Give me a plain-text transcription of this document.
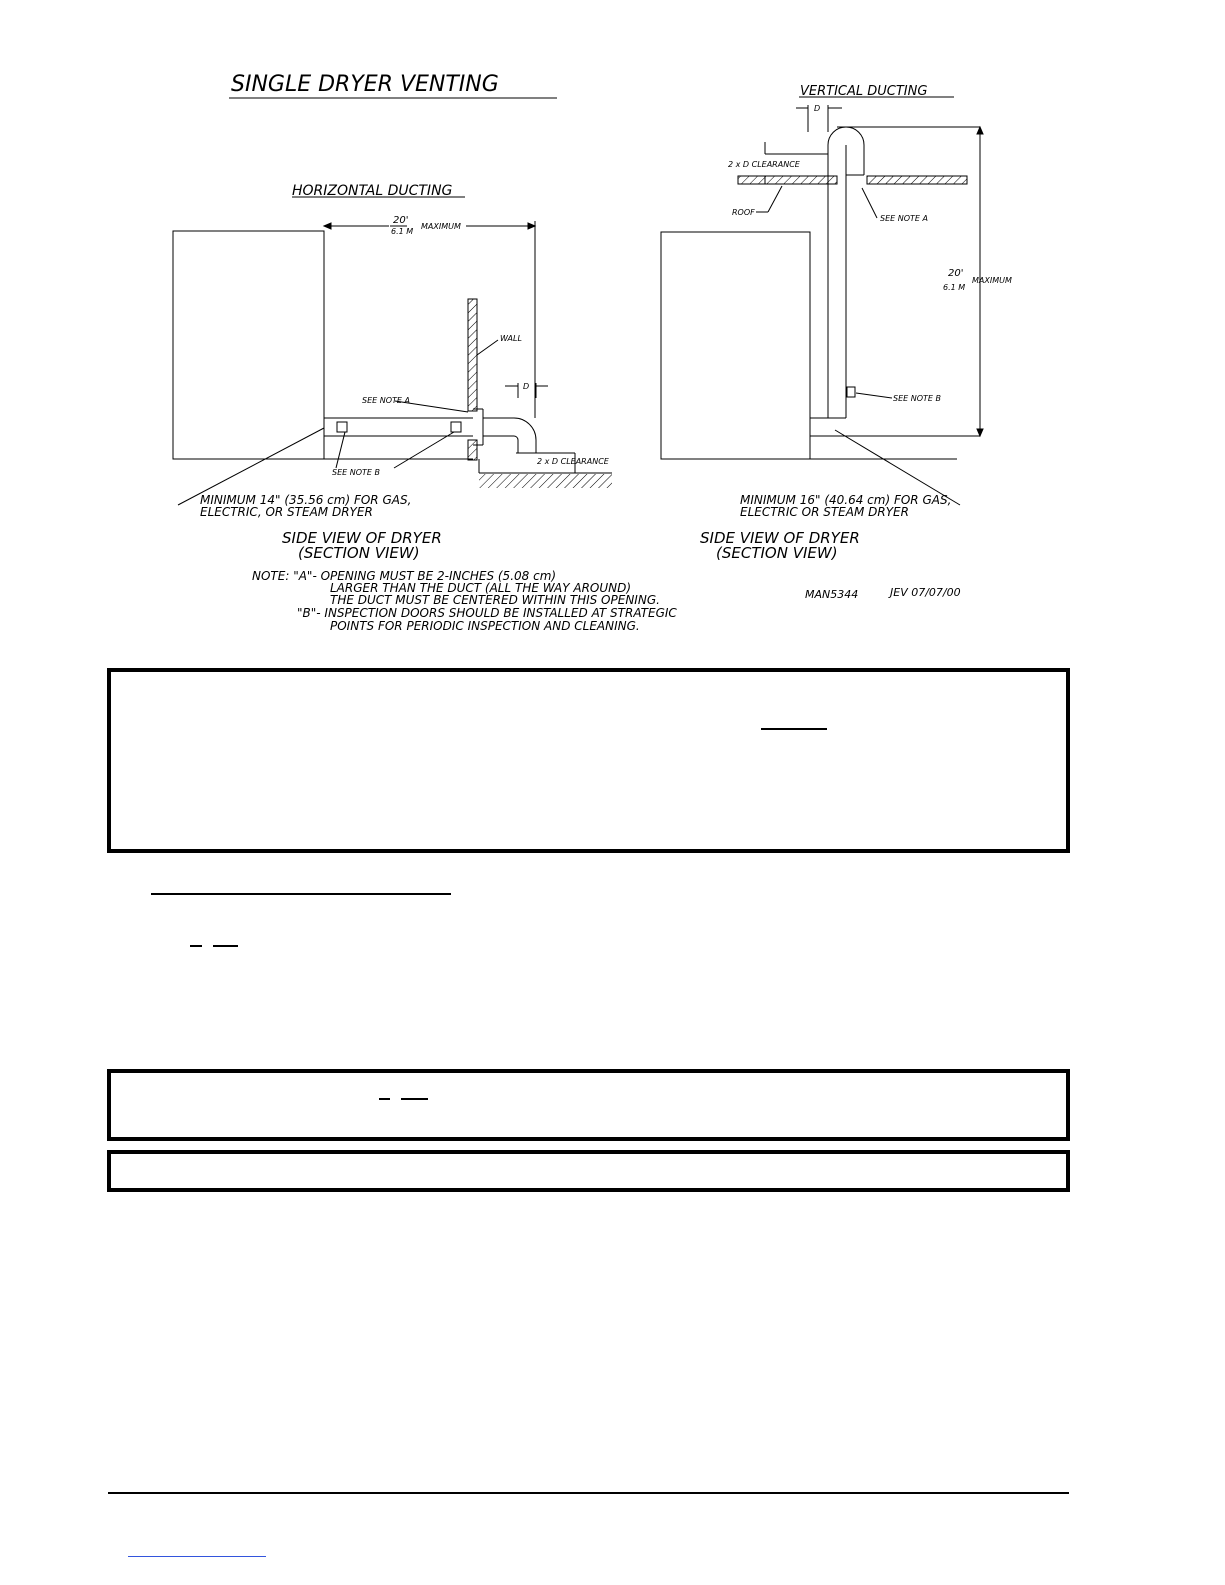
SINGLE DRYER VENTING
HORIZONTAL DUCTING
20'
6.1 M
MAXIMUM
WALL
D
SEE NOTE A
2 x D CLEARANCE
SEE NOTE B
MINIMUM 14" (35.56 cm) FOR GAS,
ELECTRIC, OR STEAM DRYER
SIDE VIEW OF DRYER
(SECTION VIEW)
VERTICAL DUCTING
D
2 x D CLEARANCE
ROOF
SEE NOTE A
20'
6.1 M
MAXIMUM
SEE NOTE B
MINIMUM 16" (40.64 cm) FOR GAS,
ELECTRIC OR STEAM DRYER
SIDE VIEW OF DRYER
(SECTION VIEW)
NOTE: "A"- OPENING MUST BE 2-INCHES (5.08 cm)
LARGER THAN THE DUCT (ALL THE WAY AROUND)
THE DUCT MUST BE CENTERED WITHIN THIS OPENING.
"B"- INSPECTION DOORS SHOULD BE INSTALLED AT STRATEGIC
POINTS FOR PERIODIC INSPECTION AND CLEANING.
MAN5344	JEV 07/07/00
